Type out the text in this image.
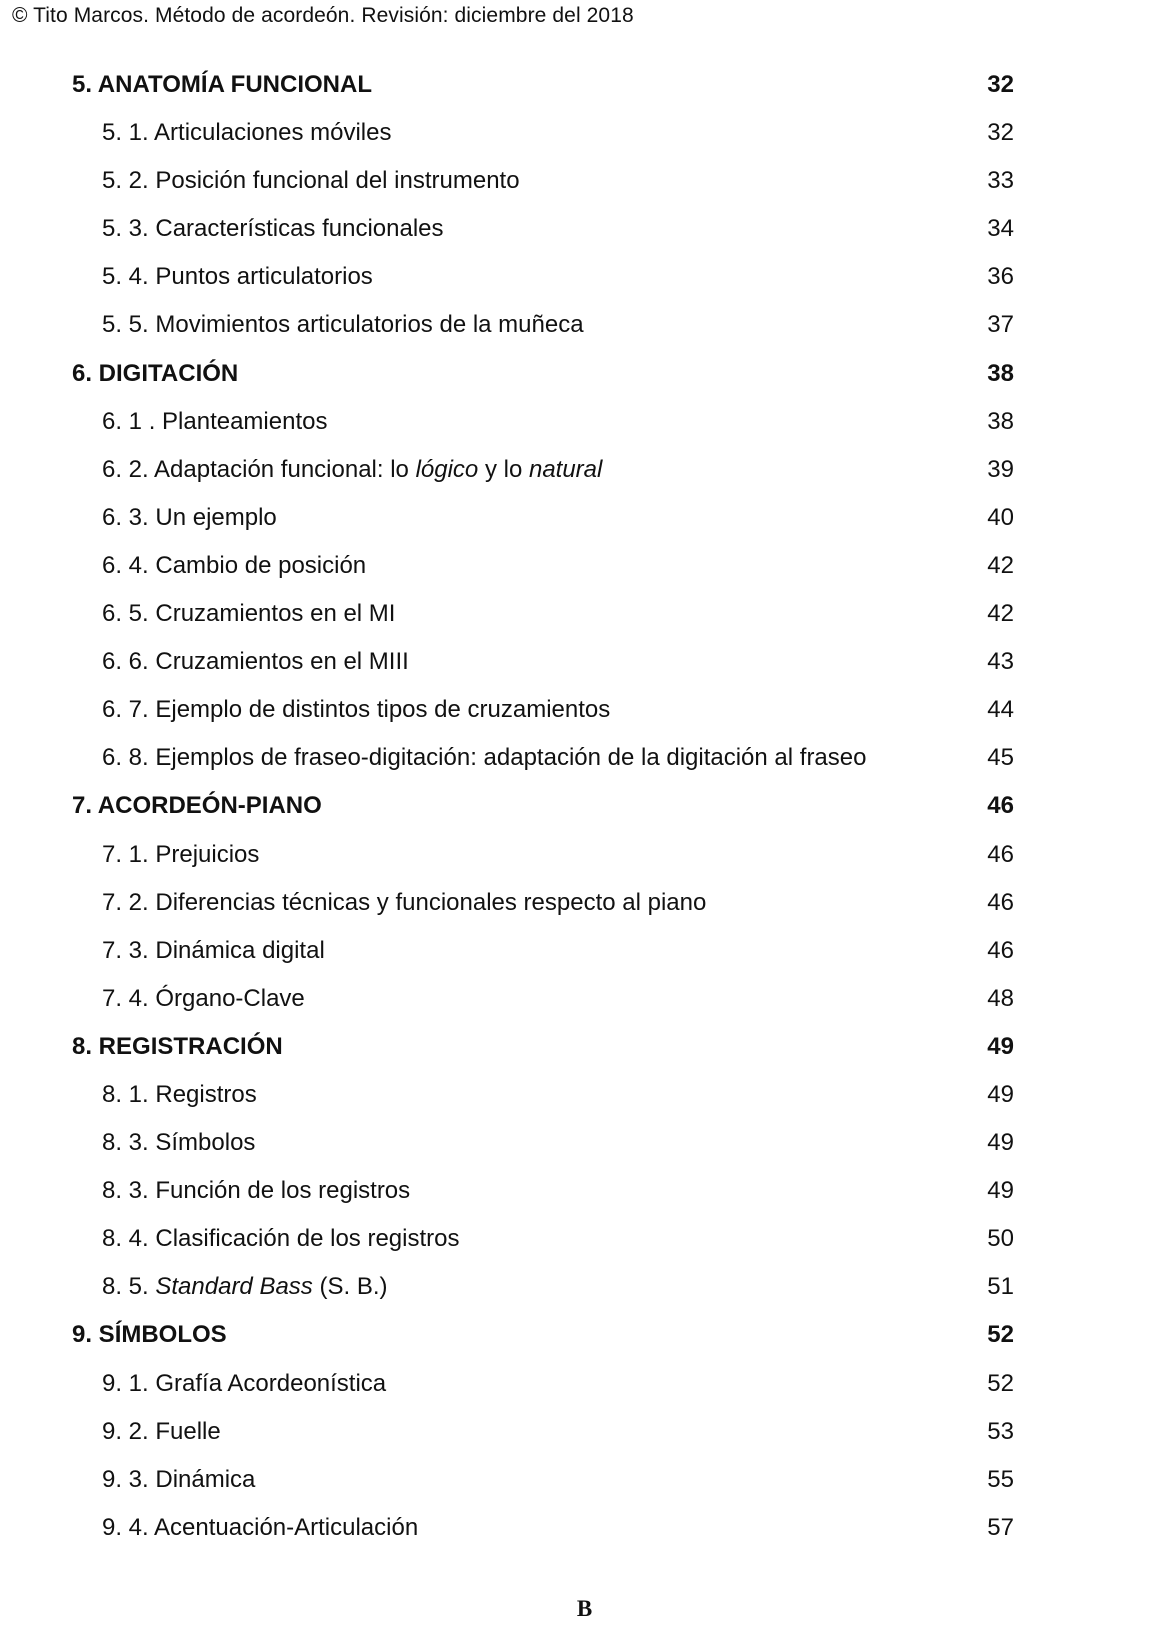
© Tito Marcos. Método de acordeón. Revisión: diciembre del 2018
5. ANATOMÍA FUNCIONAL	32
5. 1. Articulaciones móviles	32
5. 2. Posición funcional del instrumento	33
5. 3. Características funcionales	34
5. 4. Puntos articulatorios	36
5. 5. Movimientos articulatorios de la muñeca	37
6. DIGITACIÓN	38
6. 1 . Planteamientos	38
6. 2. Adaptación funcional: lo lógico y lo natural	39
6. 3. Un ejemplo	40
6. 4. Cambio de posición	42
6. 5. Cruzamientos en el MI	42
6. 6. Cruzamientos en el MIII	43
6. 7. Ejemplo de distintos tipos de cruzamientos	44
6. 8. Ejemplos de fraseo-digitación: adaptación de la digitación al fraseo	45
7. ACORDEÓN-PIANO	46
7. 1. Prejuicios	46
7. 2. Diferencias técnicas y funcionales respecto al piano	46
7. 3. Dinámica digital	46
7. 4. Órgano-Clave	48
8. REGISTRACIÓN	49
8. 1. Registros	49
8. 3. Símbolos	49
8. 3. Función de los registros	49
8. 4. Clasificación de los registros	50
8. 5. Standard Bass (S. B.)	51
9. SÍMBOLOS	52
9. 1. Grafía Acordeonística	52
9. 2. Fuelle	53
9. 3. Dinámica	55
9. 4. Acentuación-Articulación	57
B
